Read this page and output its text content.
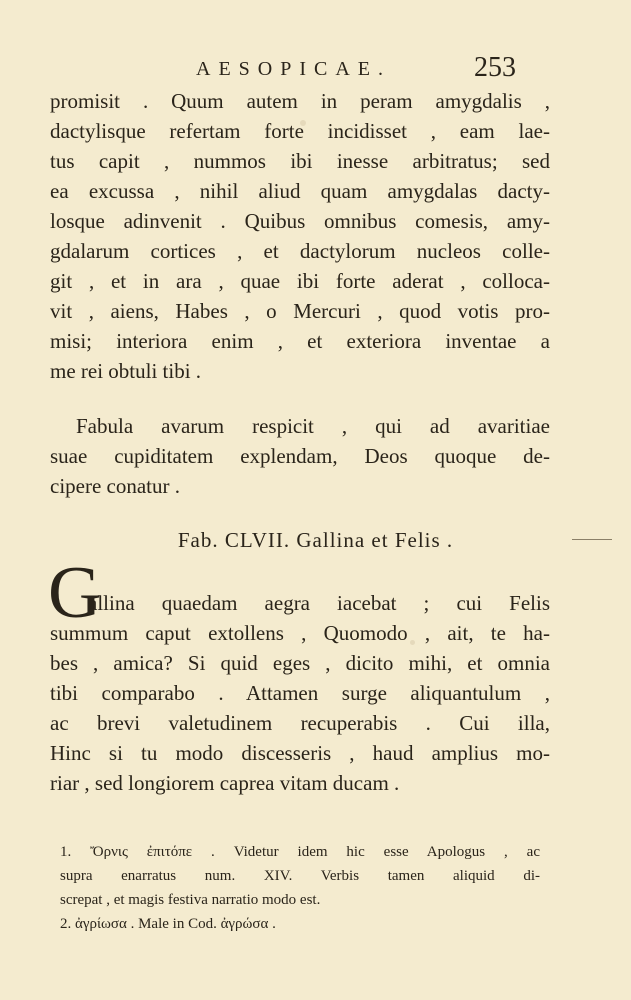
AESOPICAE.	253
promisit . Quum autem in peram amygdalis ,
dactylisque refertam forte incidisset , eam lae-
tus capit , nummos ibi inesse arbitratus; sed
ea excussa , nihil aliud quam amygdalas dacty-
losque adinvenit . Quibus omnibus comesis, amy-
gdalarum cortices , et dactylorum nucleos colle-
git , et in ara , quae ibi forte aderat , colloca-
vit , aiens, Habes , o Mercuri , quod votis pro-
misi; interiora enim , et exteriora inventae a
me rei obtuli tibi .
Fabula avarum respicit , qui ad avaritiae
suae cupiditatem explendam, Deos quoque de-
cipere conatur .
Fab. CLVII. Gallina et Felis .
G
allina quaedam aegra iacebat ; cui Felis
summum caput extollens , Quomodo , ait, te ha-
bes , amica? Si quid eges , dicito mihi, et omnia
tibi comparabo . Attamen surge aliquantulum ,
ac brevi valetudinem recuperabis . Cui illa,
Hinc si tu modo discesseris , haud amplius mo-
riar , sed longiorem caprea vitam ducam .
1. Ὄρνις ἐπιτόπε . Videtur idem hic esse Apologus , ac
supra enarratus num. XIV. Verbis tamen aliquid di-
screpat , et magis festiva narratio modo est.
2. ἀγρίωσα . Male in Cod. ἀγρώσα .
